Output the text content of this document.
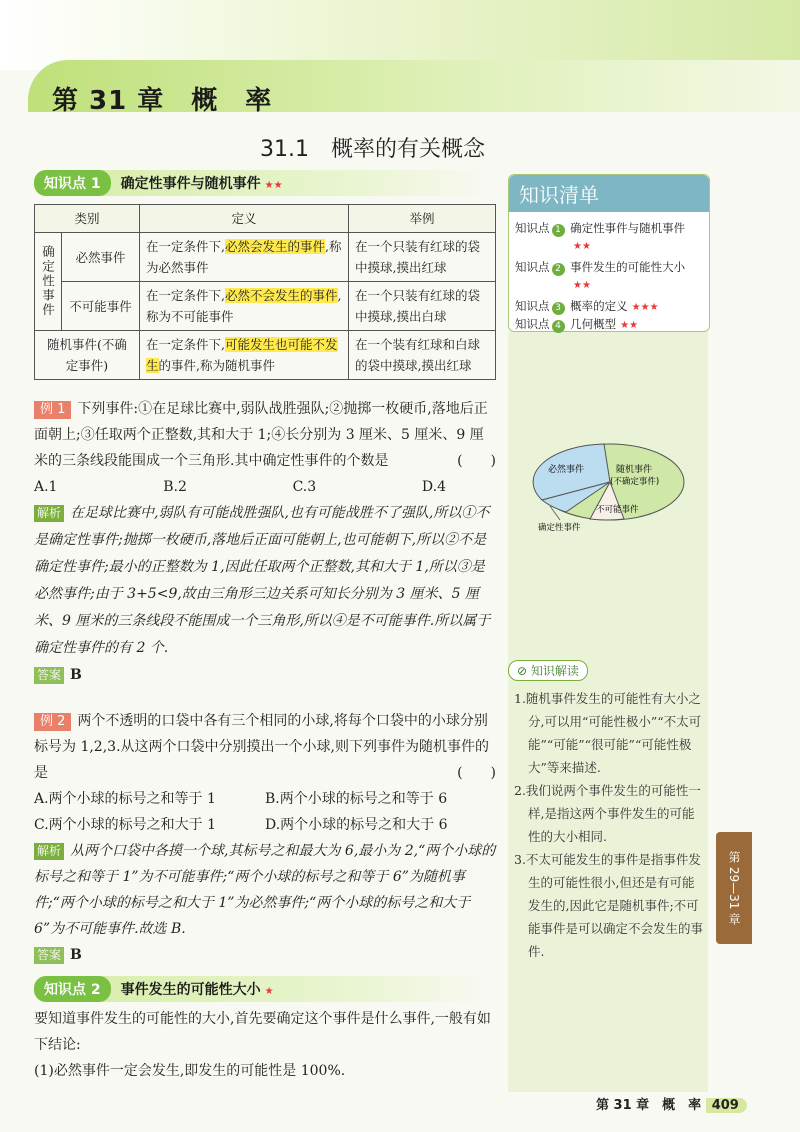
第 31 章　概　率
31.1　概率的有关概念
知识点 1 确定性事件与随机事件 ★★
类别		定义	举例
确定性事件	必然事件	在一定条件下,必然会发生的事件,称为必然事件	在一个只装有红球的袋中摸球,摸出红球
	不可能事件	在一定条件下,必然不会发生的事件,称为不可能事件	在一个只装有红球的袋中摸球,摸出白球
随机事件(不确定事件)		在一定条件下,可能发生也可能不发生的事件,称为随机事件	在一个装有红球和白球的袋中摸球,摸出红球
例 1 下列事件:①在足球比赛中,弱队战胜强队;②抛掷一枚硬币,落地后正面朝上;③任取两个正整数,其和大于 1;④长分别为 3 厘米、5 厘米、9 厘米的三条线段能围成一个三角形.其中确定性事件的个数是	(　　)
A.1	B.2	C.3	D.4
解析 在足球比赛中,弱队有可能战胜强队,也有可能战胜不了强队,所以①不是确定性事件;抛掷一枚硬币,落地后正面可能朝上,也可能朝下,所以②不是确定性事件;最小的正整数为 1,因此任取两个正整数,其和大于 1,所以③是必然事件;由于 3+5<9,故由三角形三边关系可知长分别为 3 厘米、5 厘米、9 厘米的三条线段不能围成一个三角形,所以④是不可能事件.所以属于确定性事件的有 2 个.
答案 B
例 2 两个不透明的口袋中各有三个相同的小球,将每个口袋中的小球分别标号为 1,2,3.从这两个口袋中分别摸出一个小球,则下列事件为随机事件的是	(　　)
A.两个小球的标号之和等于 1	B.两个小球的标号之和等于 6
C.两个小球的标号之和大于 1	D.两个小球的标号之和大于 6
解析 从两个口袋中各摸一个球,其标号之和最大为 6,最小为 2,“两个小球的标号之和等于 1”为不可能事件;“两个小球的标号之和等于 6”为随机事件;“两个小球的标号之和大于 1”为必然事件;“两个小球的标号之和大于 6”为不可能事件.故选 B.
答案 B
知识点 2 事件发生的可能性大小 ★
要知道事件发生的可能性的大小,首先要确定这个事件是什么事件,一般有如下结论:
(1)必然事件一定会发生,即发生的可能性是 100%.
知识清单
知识点 1 确定性事件与随机事件
★★
知识点 2 事件发生的可能性大小
★★
知识点 3 概率的定义 ★★★
知识点 4 几何概型 ★★
必然事件	随机事件
(不确定事件)
不可能事件
确定性事件
⊘ 知识解读
1.随机事件发生的可能性有大小之分,可以用“可能性极小”“不太可能”“可能”“很可能”“可能性极大”等来描述.
2.我们说两个事件发生的可能性一样,是指这两个事件发生的可能性的大小相同.
3.不太可能发生的事件是指事件发生的可能性很小,但还是有可能发生的,因此它是随机事件;不可能事件是可以确定不会发生的事件.
第 29—31 章
第 31 章　概　率 409
